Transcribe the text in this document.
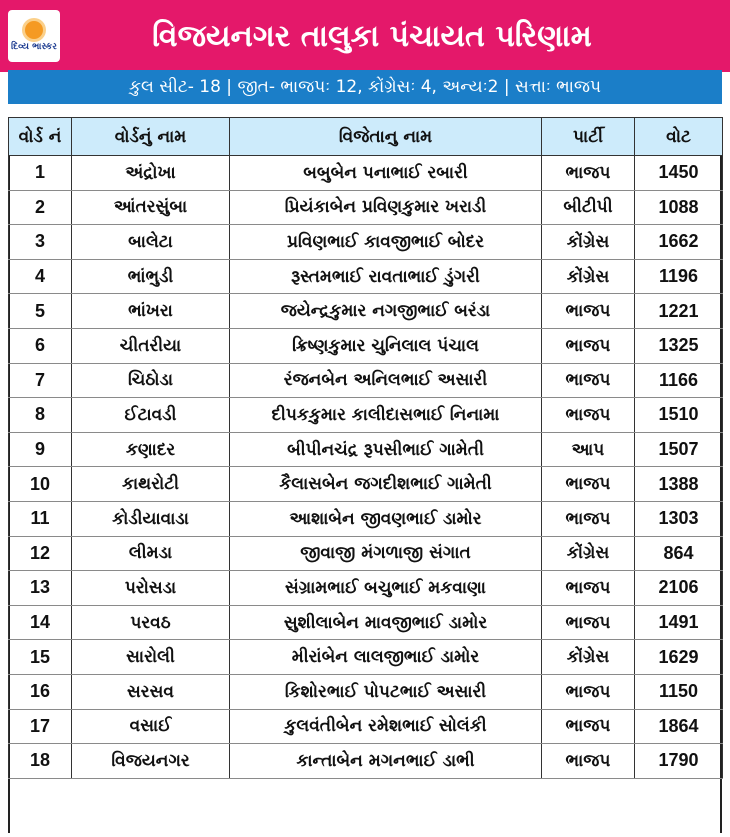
દિવ્ય ભાસ્કર	વિજયનગર તાલુકા પંચાયત પરિણામ
કુલ સીટ- 18 | જીત- ભાજપઃ 12, કોંગ્રેસઃ 4, અન્યઃ2 | સત્તાઃ ભાજપ
વોર્ડ નં	વોર્ડનું નામ	વિજેતાનુ નામ	પાર્ટી	વોટ
1	અંદ્રોખા	બબુબેન પનાભાઈ રબારી	ભાજપ	1450
2	આંતરસુંબા	પ્રિયંકાબેન પ્રવિણકુમાર ખરાડી	બીટીપી	1088
3	બાલેટા	પ્રવિણભાઈ કાવજીભાઈ બોદર	કોંગ્રેસ	1662
4	ભાંભુડી	રૂસ્તમભાઈ રાવતાભાઈ ડુંગરી	કોંગ્રેસ	1196
5	ભાંખરા	જયેન્દ્રકુમાર નગજીભાઈ બરંડા	ભાજપ	1221
6	ચીતરીયા	ક્રિષ્ણકુમાર ચુનિલાલ પંચાલ	ભાજપ	1325
7	ચિઠોડા	રંજનબેન અનિલભાઈ અસારી	ભાજપ	1166
8	ઈટાવડી	દીપકકુમાર કાલીદાસભાઈ નિનામા	ભાજપ	1510
9	કણાદર	બીપીનચંદ્ર રૂપસીભાઈ ગામેતી	આપ	1507
10	કાથરોટી	કૈલાસબેન જગદીશભાઈ ગામેતી	ભાજપ	1388
11	કોડીયાવાડા	આશાબેન જીવણભાઈ ડામોર	ભાજપ	1303
12	લીમડા	જીવાજી મંગળાજી સંગાત	કોંગ્રેસ	864
13	પરોસડા	સંગ્રામભાઈ બચુભાઈ મકવાણા	ભાજપ	2106
14	પરવઠ	સુશીલાબેન માવજીભાઈ ડામોર	ભાજપ	1491
15	સારોલી	મીરાંબેન લાલજીભાઈ ડામોર	કોંગ્રેસ	1629
16	સરસવ	કિશોરભાઈ પોપટભાઈ અસારી	ભાજપ	1150
17	વસાઈ	કુલવંતીબેન રમેશભાઈ સોલંકી	ભાજપ	1864
18	વિજયનગર	કાન્તાબેન મગનભાઈ ડાભી	ભાજપ	1790
